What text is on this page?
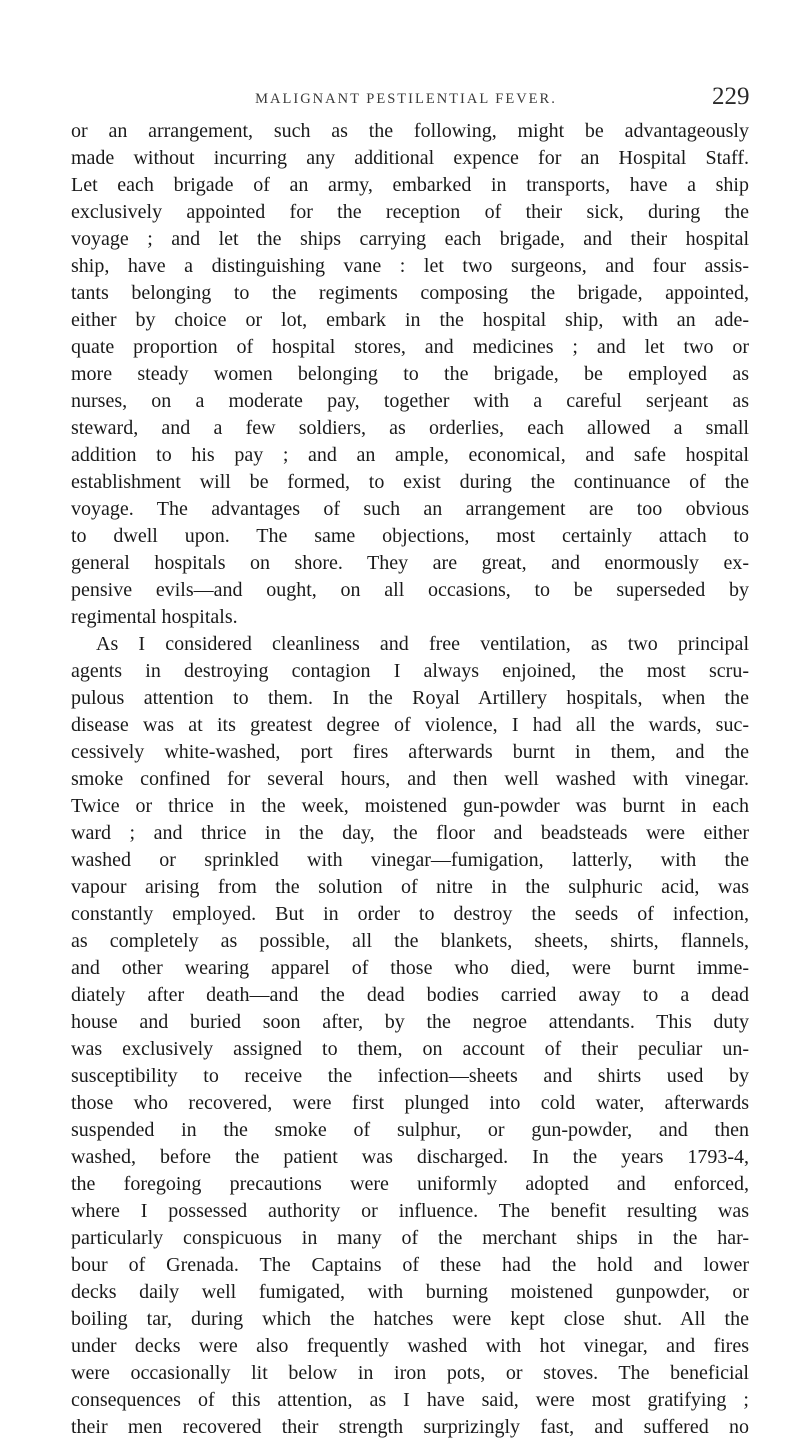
MALIGNANT PESTILENTIAL FEVER.	229
or an arrangement, such as the following, might be advantageously
made without incurring any additional expence for an Hospital Staff.
Let each brigade of an army, embarked in transports, have a ship
exclusively appointed for the reception of their sick, during the
voyage ; and let the ships carrying each brigade, and their hospital
ship, have a distinguishing vane : let two surgeons, and four assis-
tants belonging to the regiments composing the brigade, appointed,
either by choice or lot, embark in the hospital ship, with an ade-
quate proportion of hospital stores, and medicines ; and let two or
more steady women belonging to the brigade, be employed as
nurses, on a moderate pay, together with a careful serjeant as
steward, and a few soldiers, as orderlies, each allowed a small
addition to his pay ; and an ample, economical, and safe hospital
establishment will be formed, to exist during the continuance of the
voyage. The advantages of such an arrangement are too obvious
to dwell upon. The same objections, most certainly attach to
general hospitals on shore. They are great, and enormously ex-
pensive evils—and ought, on all occasions, to be superseded by
regimental hospitals.
As I considered cleanliness and free ventilation, as two principal
agents in destroying contagion I always enjoined, the most scru-
pulous attention to them. In the Royal Artillery hospitals, when the
disease was at its greatest degree of violence, I had all the wards, suc-
cessively white-washed, port fires afterwards burnt in them, and the
smoke confined for several hours, and then well washed with vinegar.
Twice or thrice in the week, moistened gun-powder was burnt in each
ward ; and thrice in the day, the floor and beadsteads were either
washed or sprinkled with vinegar—fumigation, latterly, with the
vapour arising from the solution of nitre in the sulphuric acid, was
constantly employed. But in order to destroy the seeds of infection,
as completely as possible, all the blankets, sheets, shirts, flannels,
and other wearing apparel of those who died, were burnt imme-
diately after death—and the dead bodies carried away to a dead
house and buried soon after, by the negroe attendants. This duty
was exclusively assigned to them, on account of their peculiar un-
susceptibility to receive the infection—sheets and shirts used by
those who recovered, were first plunged into cold water, afterwards
suspended in the smoke of sulphur, or gun-powder, and then
washed, before the patient was discharged. In the years 1793-4,
the foregoing precautions were uniformly adopted and enforced,
where I possessed authority or influence. The benefit resulting was
particularly conspicuous in many of the merchant ships in the har-
bour of Grenada. The Captains of these had the hold and lower
decks daily well fumigated, with burning moistened gunpowder, or
boiling tar, during which the hatches were kept close shut. All the
under decks were also frequently washed with hot vinegar, and fires
were occasionally lit below in iron pots, or stoves. The beneficial
consequences of this attention, as I have said, were most gratifying ;
their men recovered their strength surprizingly fast, and suffered no
